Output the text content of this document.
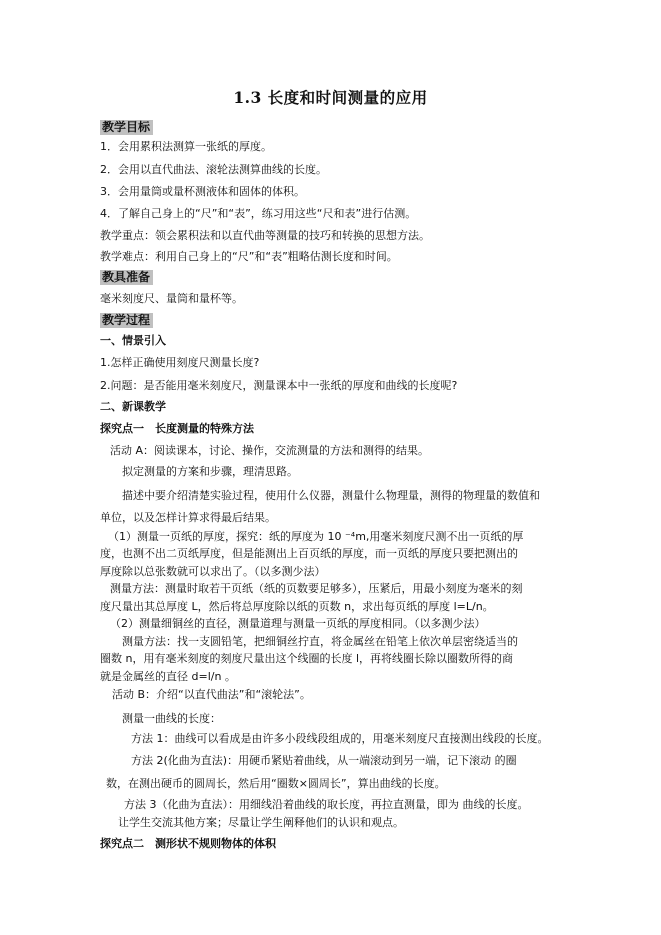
1.3 长度和时间测量的应用
教学目标
1．会用累积法测算一张纸的厚度。
2．会用以直代曲法、滚轮法测算曲线的长度。
3．会用量筒或量杯测液体和固体的体积。
4．了解自己身上的“尺”和“表”，练习用这些“尺和表”进行估测。
教学重点：领会累积法和以直代曲等测量的技巧和转换的思想方法。
教学难点：利用自己身上的“尺”和“表”粗略估测长度和时间。
教具准备
毫米刻度尺、量筒和量杯等。
教学过程
一、情景引入
1.怎样正确使用刻度尺测量长度?
2.问题：是否能用毫米刻度尺，测量课本中一张纸的厚度和曲线的长度呢?
二、新课教学
探究点一　长度测量的特殊方法
活动 A：阅读课本，讨论、操作，交流测量的方法和测得的结果。
拟定测量的方案和步骤，理清思路。
描述中要介绍清楚实验过程，使用什么仪器，测量什么物理量，测得的物理量的数值和
单位，以及怎样计算求得最后结果。
（1）测量一页纸的厚度，探究：纸的厚度为 10 ⁻⁴m,用毫米刻度尺测不出一页纸的厚
度，也测不出二页纸厚度，但是能测出上百页纸的厚度，而一页纸的厚度只要把测出的
厚度除以总张数就可以求出了。（以多测少法）
测量方法：测量时取若干页纸（纸的页数要足够多），压紧后，用最小刻度为毫米的刻
度尺量出其总厚度 L，然后将总厚度除以纸的页数 n，求出每页纸的厚度 l=L/n。
（2）测量细铜丝的直径，测量道理与测量一页纸的厚度相同。（以多测少法）
测量方法：找一支圆铅笔，把细铜丝拧直，将金属丝在铅笔上依次单层密绕适当的
圈数 n，用有毫米刻度的刻度尺量出这个线圈的长度 l，再将线圈长除以圈数所得的商
就是金属丝的直径 d=l/n 。
活动 B：介绍“以直代曲法”和“滚轮法”。
测量一曲线的长度：
方法 1：曲线可以看成是由许多小段线段组成的，用毫米刻度尺直接测出线段的长度。
方法 2(化曲为直法)：用硬币紧贴着曲线，从一端滚动到另一端，记下滚动 的圈
数，在测出硬币的圆周长，然后用“圈数×圆周长”，算出曲线的长度。
方法 3（化曲为直法）：用细线沿着曲线的取长度，再拉直测量，即为 曲线的长度。
让学生交流其他方案；尽量让学生阐释他们的认识和观点。
探究点二　测形状不规则物体的体积
